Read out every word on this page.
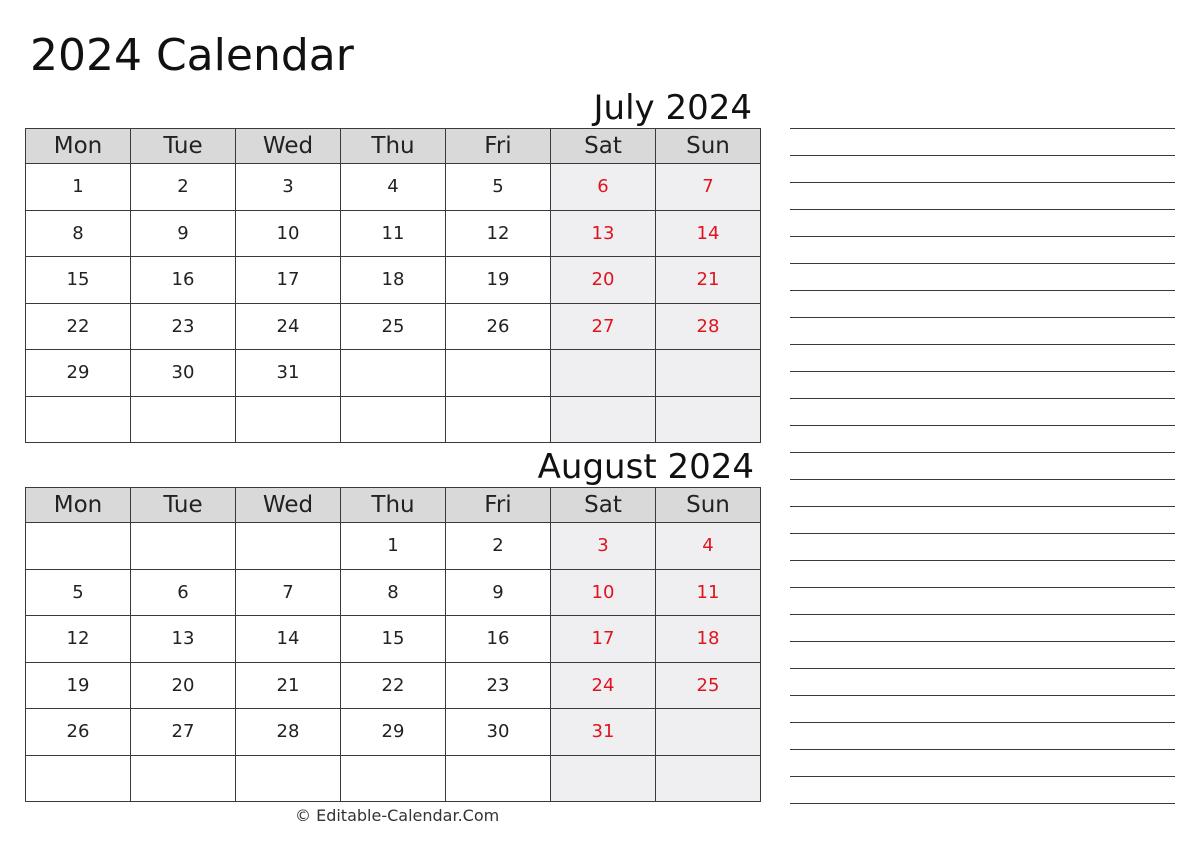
2024 Calendar
July 2024
Mon	Tue	Wed	Thu	Fri	Sat	Sun
1	2	3	4	5	6	7
8	9	10	11	12	13	14
15	16	17	18	19	20	21
22	23	24	25	26	27	28
29	30	31				

August 2024
Mon	Tue	Wed	Thu	Fri	Sat	Sun
			1	2	3	4
5	6	7	8	9	10	11
12	13	14	15	16	17	18
19	20	21	22	23	24	25
26	27	28	29	30	31	

© Editable-Calendar.Com
